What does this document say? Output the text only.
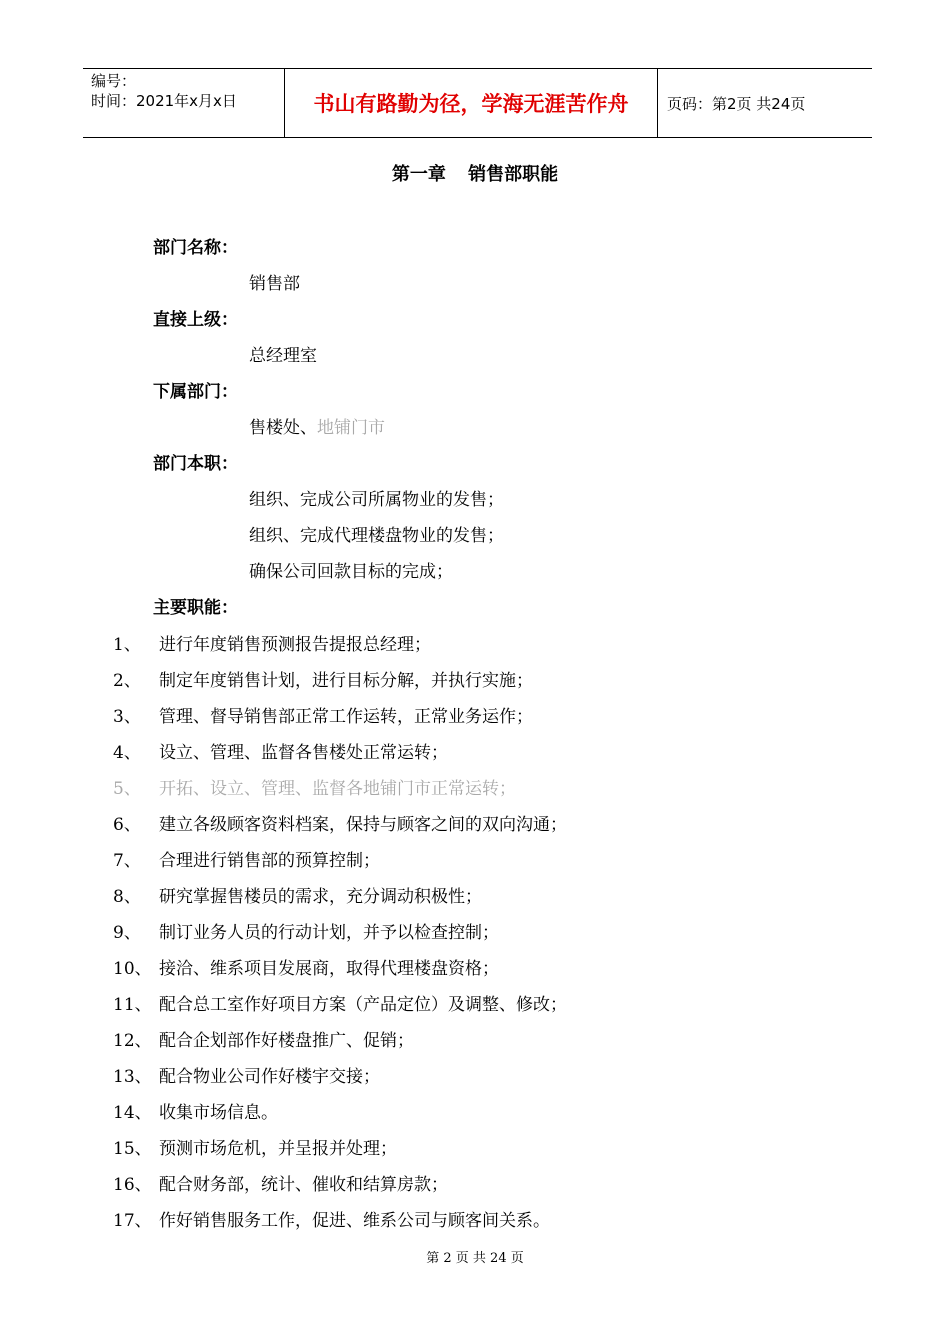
编号：
时间：2021年x月x日	书山有路勤为径，学海无涯苦作舟	页码：第2页 共24页
第一章 销售部职能
部门名称：
销售部
直接上级：
总经理室
下属部门：
售楼处、地铺门市
部门本职：
组织、完成公司所属物业的发售；
组织、完成代理楼盘物业的发售；
确保公司回款目标的完成；
主要职能：
1、	进行年度销售预测报告提报总经理；
2、	制定年度销售计划，进行目标分解，并执行实施；
3、	管理、督导销售部正常工作运转，正常业务运作；
4、	设立、管理、监督各售楼处正常运转；
5、	开拓、设立、管理、监督各地铺门市正常运转；
6、	建立各级顾客资料档案，保持与顾客之间的双向沟通；
7、	合理进行销售部的预算控制；
8、	研究掌握售楼员的需求，充分调动积极性；
9、	制订业务人员的行动计划，并予以检查控制；
10、 接洽、维系项目发展商，取得代理楼盘资格；
11、 配合总工室作好项目方案（产品定位）及调整、修改；
12、 配合企划部作好楼盘推广、促销；
13、 配合物业公司作好楼宇交接；
14、 收集市场信息。
15、 预测市场危机，并呈报并处理；
16、 配合财务部，统计、催收和结算房款；
17、 作好销售服务工作，促进、维系公司与顾客间关系。
第 2 页 共 24 页
